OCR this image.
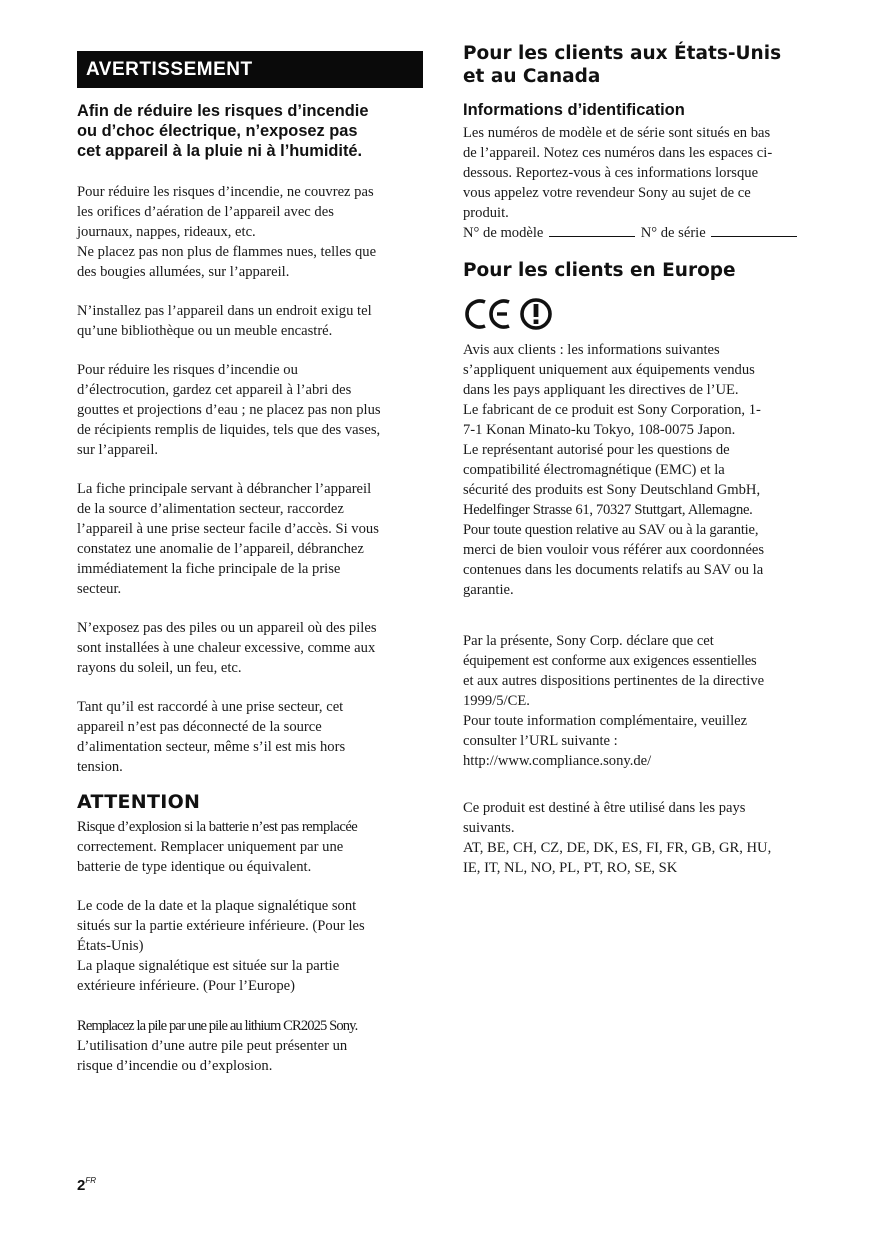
AVERTISSEMENT
Afin de réduire les risques d’incendie
ou d’choc électrique, n’exposez pas
cet appareil à la pluie ni à l’humidité.

Pour réduire les risques d’incendie, ne couvrez pas
les orifices d’aération de l’appareil avec des
journaux, nappes, rideaux, etc.
Ne placez pas non plus de flammes nues, telles que
des bougies allumées, sur l’appareil.

N’installez pas l’appareil dans un endroit exigu tel
qu’une bibliothèque ou un meuble encastré.

Pour réduire les risques d’incendie ou
d’électrocution, gardez cet appareil à l’abri des
gouttes et projections d’eau ; ne placez pas non plus
de récipients remplis de liquides, tels que des vases,
sur l’appareil.

La fiche principale servant à débrancher l’appareil
de la source d’alimentation secteur, raccordez
l’appareil à une prise secteur facile d’accès. Si vous
constatez une anomalie de l’appareil, débranchez
immédiatement la fiche principale de la prise
secteur.

N’exposez pas des piles ou un appareil où des piles
sont installées à une chaleur excessive, comme aux
rayons du soleil, un feu, etc.

Tant qu’il est raccordé à une prise secteur, cet
appareil n’est pas déconnecté de la source
d’alimentation secteur, même s’il est mis hors
tension.

Risque d’explosion si la batterie n’est pas remplacée
correctement. Remplacer uniquement par une
batterie de type identique ou équivalent.

Le code de la date et la plaque signalétique sont
situés sur la partie extérieure inférieure. (Pour les
États-Unis)
La plaque signalétique est située sur la partie
extérieure inférieure. (Pour l’Europe)

Remplacez la pile par une pile au lithium CR2025 Sony.
L’utilisation d’une autre pile peut présenter un
risque d’incendie ou d’explosion.

ATTENTION
Pour les clients aux États-Unis
et au Canada
Informations d’identification

Les numéros de modèle et de série sont situés en bas
de l’appareil. Notez ces numéros dans les espaces ci-
dessous. Reportez-vous à ces informations lorsque
vous appelez votre revendeur Sony au sujet de ce
produit.
N° de modèle	N° de série

Avis aux clients : les informations suivantes
s’appliquent uniquement aux équipements vendus
dans les pays appliquant les directives de l’UE.
Le fabricant de ce produit est Sony Corporation, 1-
7-1 Konan Minato-ku Tokyo, 108-0075 Japon.
Le représentant autorisé pour les questions de
compatibilité électromagnétique (EMC) et la
sécurité des produits est Sony Deutschland GmbH,
Hedelfinger Strasse 61, 70327 Stuttgart, Allemagne.
Pour toute question relative au SAV ou à la garantie,
merci de bien vouloir vous référer aux coordonnées
contenues dans les documents relatifs au SAV ou la
garantie.

Par la présente, Sony Corp. déclare que cet
équipement est conforme aux exigences essentielles
et aux autres dispositions pertinentes de la directive
1999/5/CE.
Pour toute information complémentaire, veuillez
consulter l’URL suivante :
http://www.compliance.sony.de/

Ce produit est destiné à être utilisé dans les pays
suivants.
AT, BE, CH, CZ, DE, DK, ES, FI, FR, GB, GR, HU,
IE, IT, NL, NO, PL, PT, RO, SE, SK

Pour les clients en Europe
$2^{FR}$
